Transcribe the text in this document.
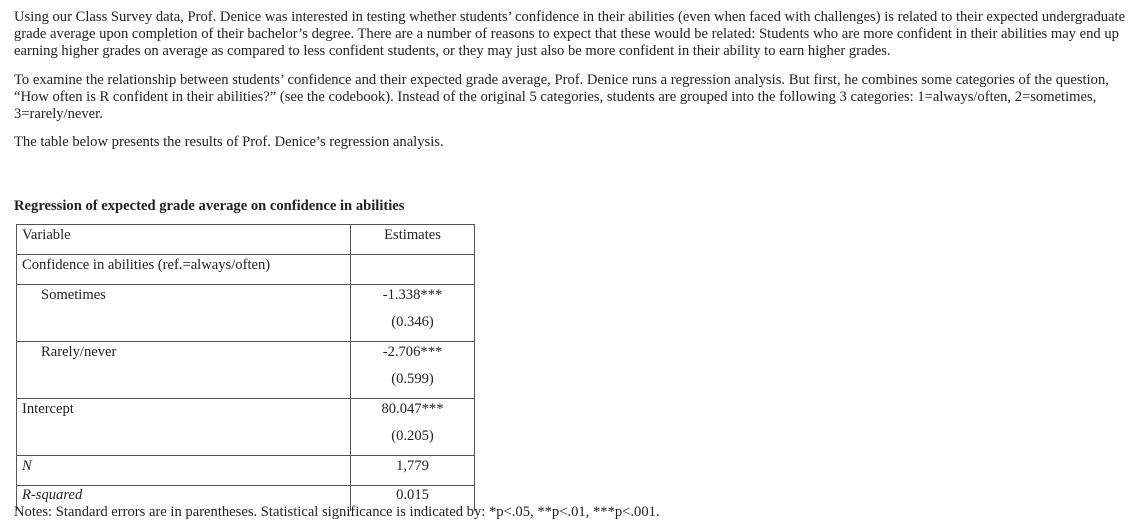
Using our Class Survey data, Prof. Denice was interested in testing whether students’ confidence in their abilities (even when faced with challenges) is related to their expected undergraduate grade average upon completion of their bachelor’s degree. There are a number of reasons to expect that these would be related: Students who are more confident in their abilities may end up earning higher grades on average as compared to less confident students, or they may just also be more confident in their ability to earn higher grades.

To examine the relationship between students’ confidence and their expected grade average, Prof. Denice runs a regression analysis. But first, he combines some categories of the question, “How often is R confident in their abilities?” (see the codebook). Instead of the original 5 categories, students are grouped into the following 3 categories: 1=always/often, 2=sometimes, 3=rarely/never.

The table below presents the results of Prof. Denice’s regression analysis.

Regression of expected grade average on confidence in abilities
Variable	Estimates
Confidence in abilities (ref.=always/often)	
Sometimes	-1.338***
(0.346)

Rarely/never	-2.706***
(0.599)

Intercept	80.047***
(0.205)

N	1,779
R-squared	0.015
Notes: Standard errors are in parentheses. Statistical significance is indicated by: *p<.05, **p<.01, ***p<.001.
